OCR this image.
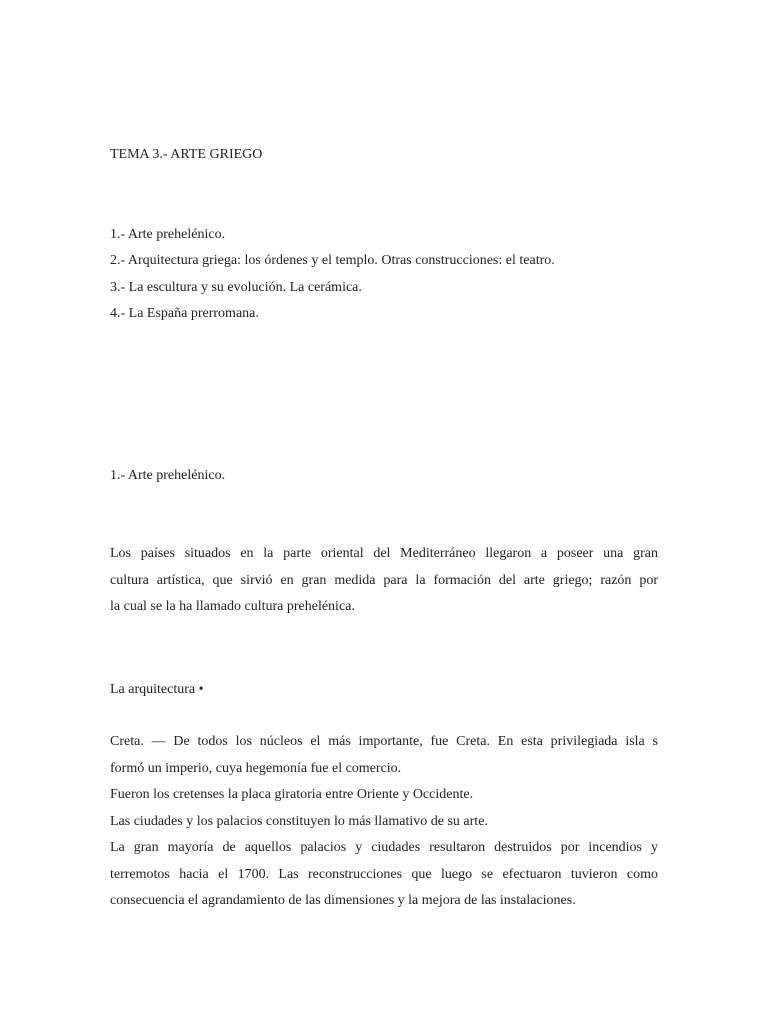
TEMA 3.- ARTE GRIEGO
1.- Arte prehelénico.
2.- Arquitectura griega: los órdenes y el templo. Otras construcciones: el teatro.
3.- La escultura y su evolución. La cerámica.
4.- La España prerromana.
1.- Arte prehelénico.
Los países situados en la parte oriental del Mediterráneo llegaron a poseer una gran
cultura artística, que sirvió en gran medida para la formación del arte griego; razón por
la cual se la ha llamado cultura prehelénica.
La arquitectura •
Creta. — De todos los núcleos el más importante, fue Creta. En esta privilegiada isla s
formó un imperio, cuya hegemonía fue el comercio.
Fueron los cretenses la placa giratoria entre Oriente y Occidente.
Las ciudades y los palacios constituyen lo más llamativo de su arte.
La gran mayoría de aquellos palacios y ciudades resultaron destruidos por incendios y
terremotos hacia el 1700. Las reconstrucciones que luego se efectuaron tuvieron como
consecuencia el agrandamiento de las dimensiones y la mejora de las instalaciones.
